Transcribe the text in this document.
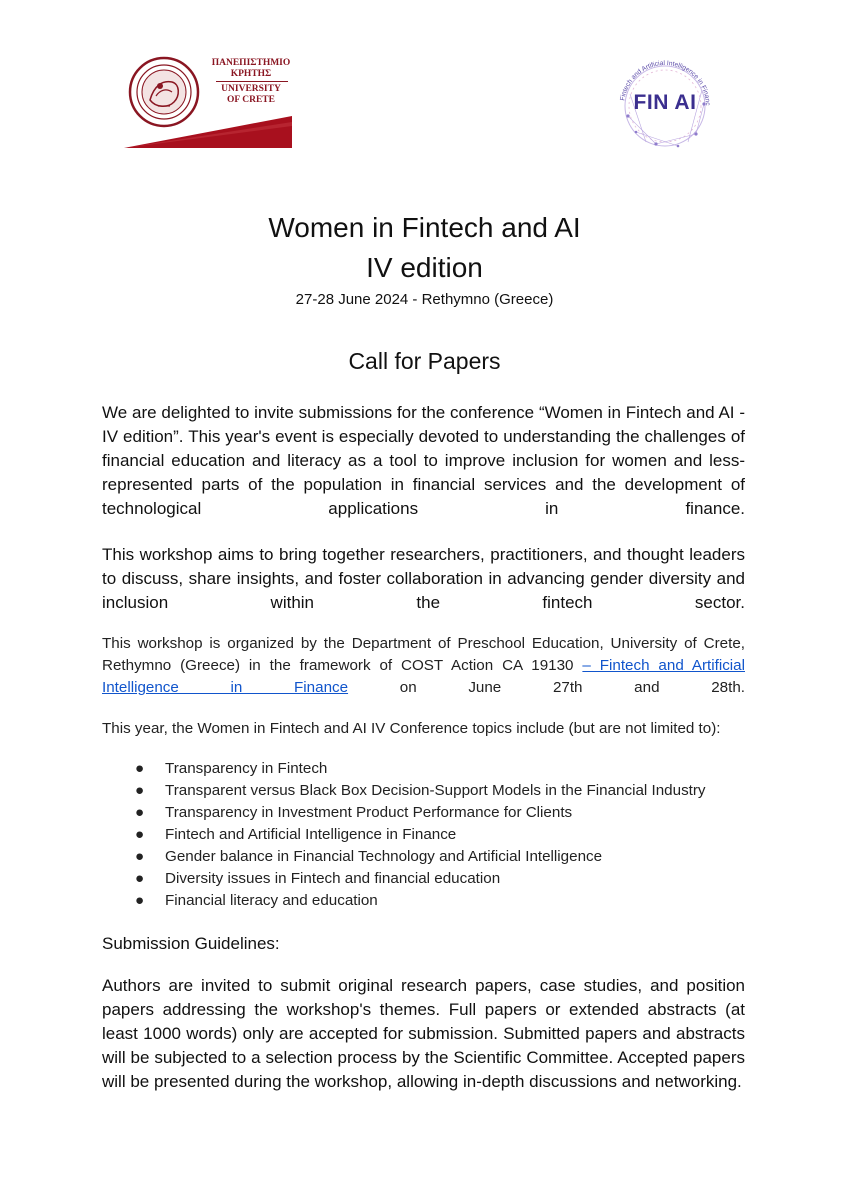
ΠΑΝΕΠΙΣΤΗΜΙΟ
ΚΡΗΤΗΣ
UNIVERSITY
OF CRETE	Fintech and Artificial Intelligence in Financ
FIN AI
Women in Fintech and AI
IV edition
27-28 June 2024 - Rethymno (Greece)
Call for Papers
We are delighted to invite submissions for the conference “Women in Fintech and AI - IV edition”. This year's event is especially devoted to understanding the challenges of financial education and literacy as a tool to improve inclusion for women and less-represented parts of the population in financial services and the development of technological applications in finance.
This workshop aims to bring together researchers, practitioners, and thought leaders to discuss, share insights, and foster collaboration in advancing gender diversity and inclusion within the fintech sector.
This workshop is organized by the Department of Preschool Education, University of Crete, Rethymno (Greece) in the framework of COST Action CA 19130 – Fintech and Artificial Intelligence in Finance on June 27th and 28th.
This year, the Women in Fintech and AI IV Conference topics include (but are not limited to):
● Transparency in Fintech
● Transparent versus Black Box Decision-Support Models in the Financial Industry
● Transparency in Investment Product Performance for Clients
● Fintech and Artificial Intelligence in Finance
● Gender balance in Financial Technology and Artificial Intelligence
● Diversity issues in Fintech and financial education
● Financial literacy and education
Submission Guidelines:
Authors are invited to submit original research papers, case studies, and position papers addressing the workshop's themes. Full papers or extended abstracts (at least 1000 words) only are accepted for submission. Submitted papers and abstracts will be subjected to a selection process by the Scientific Committee. Accepted papers will be presented during the workshop, allowing in-depth discussions and networking.
